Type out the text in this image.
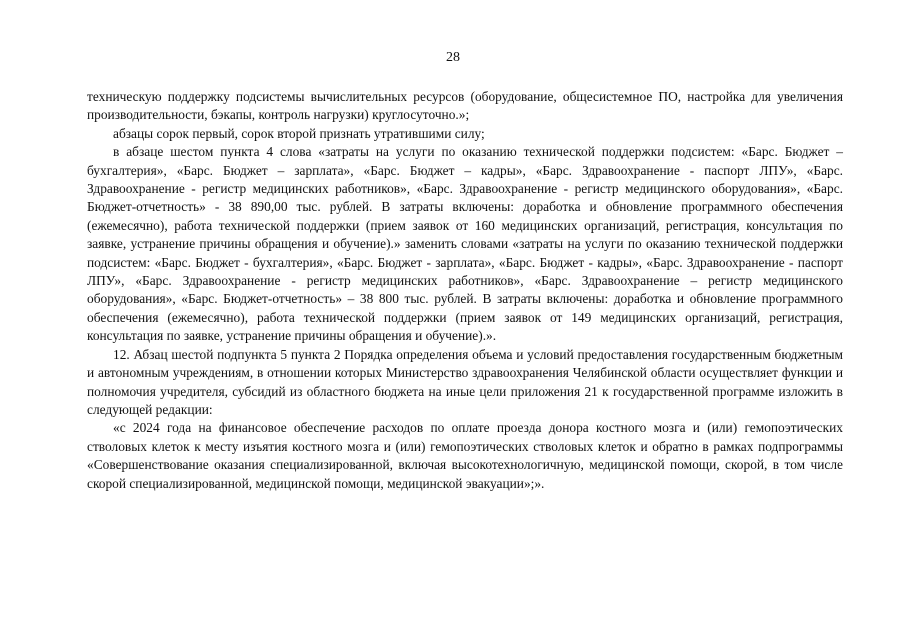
28

техническую поддержку подсистемы вычислительных ресурсов (оборудование, общесистемное ПО, настройка для увеличения производительности, бэкапы, контроль нагрузки) круглосуточно.»;

абзацы сорок первый, сорок второй признать утратившими силу;

в абзаце шестом пункта 4 слова «затраты на услуги по оказанию технической поддержки подсистем: «Барс. Бюджет – бухгалтерия», «Барс. Бюджет – зарплата», «Барс. Бюджет – кадры», «Барс. Здравоохранение - паспорт ЛПУ», «Барс. Здравоохранение - регистр медицинских работников», «Барс. Здравоохранение - регистр медицинского оборудования», «Барс. Бюджет-отчетность» - 38 890,00 тыс. рублей. В затраты включены: доработка и обновление программного обеспечения (ежемесячно), работа технической поддержки (прием заявок от 160 медицинских организаций, регистрация, консультация по заявке, устранение причины обращения и обучение).» заменить словами «затраты на услуги по оказанию технической поддержки подсистем: «Барс. Бюджет - бухгалтерия», «Барс. Бюджет - зарплата», «Барс. Бюджет - кадры», «Барс. Здравоохранение - паспорт ЛПУ», «Барс. Здравоохранение - регистр медицинских работников», «Барс. Здравоохранение – регистр медицинского оборудования», «Барс. Бюджет-отчетность» – 38 800 тыс. рублей. В затраты включены: доработка и обновление программного обеспечения (ежемесячно), работа технической поддержки (прием заявок от 149 медицинских организаций, регистрация, консультация по заявке, устранение причины обращения и обучение).».

12. Абзац шестой подпункта 5 пункта 2 Порядка определения объема и условий предоставления государственным бюджетным и автономным учреждениям, в отношении которых Министерство здравоохранения Челябинской области осуществляет функции и полномочия учредителя, субсидий из областного бюджета на иные цели приложения 21 к государственной программе изложить в следующей редакции:

«с 2024 года на финансовое обеспечение расходов по оплате проезда донора костного мозга и (или) гемопоэтических стволовых клеток к месту изъятия костного мозга и (или) гемопоэтических стволовых клеток и обратно в рамках подпрограммы «Совершенствование оказания специализированной, включая высокотехнологичную, медицинской помощи, скорой, в том числе скорой специализированной, медицинской помощи, медицинской эвакуации»;».
